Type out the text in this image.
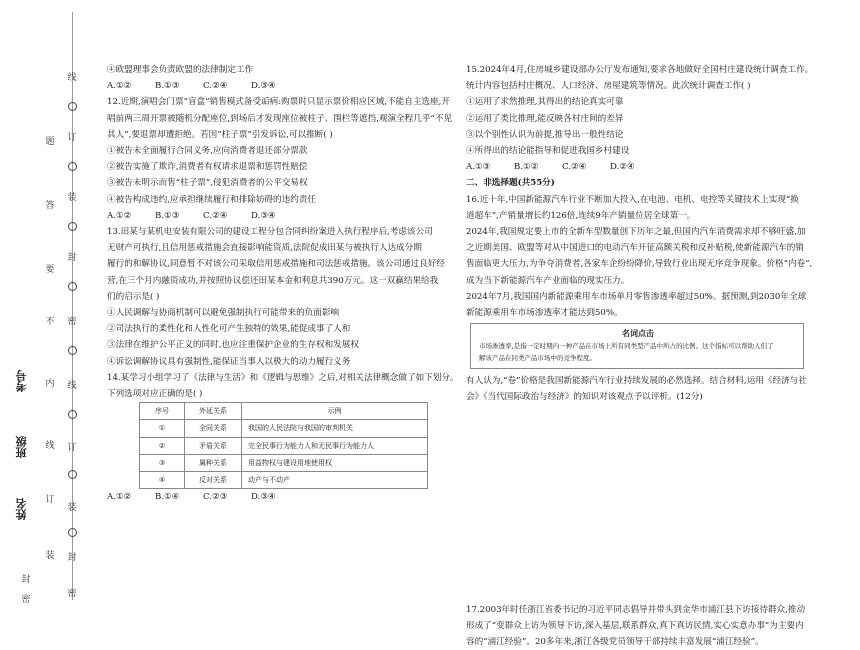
线
订
装
封
密
线
订
装
封
密
题
答
要
不
内
线
订
装
封
密
考号
班级
姓名

④欧盟理事会负责欧盟的法律制定工作

A.①②	B.①③	C.②④	D.③④

12.近期,演唱会门票“盲盒”销售模式备受诟病:购票时只显示票价相应区域,不能自主选座,开

唱前两三周开票被随机分配座位,到场后才发现座位被柱子、围栏等遮挡,观演全程几乎“不见

其人”,要退票却遭拒绝。若因“柱子票”引发诉讼,可以推断( )

①被告未全面履行合同义务,应向消费者退还部分票款

②被告实施了欺诈,消费者有权请求退票和惩罚性赔偿

③被告未明示而售“柱子票”,侵犯消费者的公平交易权

④被告构成违约,应承担继续履行和排除妨碍的违约责任

A.①②	B.①③	C.②④	D.③④

13.田某与某机电安装有限公司的建设工程分包合同纠纷案进入执行程序后,考虑该公司

无财产可执行,且信用惩戒措施会直接影响能资质,法院促成田某与被执行人达成分期

履行的和解协议,同意暂不对该公司采取信用惩戒措施和司法惩戒措施。该公司通过良好经

营,在三个月内融资成功,并按照协议偿还田某本金和利息共390万元。这一双赢结果给我

们的启示是( )

①人民调解与协商机制可以避免强制执行可能带来的负面影响

②司法执行的柔性化和人性化可产生独特的效果,能促成事了人和

③法律在维护公平正义的同时,也应注重保护企业的生存权和发展权

④诉讼调解协议具有强制性,能保证当事人以极大的动力履行义务

14.某学习小组学习了《法律与生活》和《逻辑与思维》之后,对相关法律概念做了如下划分。

下列选项对应正确的是( )

序号	外延关系	示例
①	全同关系	我国的人民法院与我国的审判机关
②	矛盾关系	完全民事行为能力人和无民事行为能力人
③	属种关系	用益物权与建设用地使用权
④	反对关系	动产与不动产

A.①②	B.①④	C.②③	D.③④

15.2024年4月,住房城乡建设部办公厅发布通知,要求各地做好全国村庄建设统计调查工作。

统计内容包括村庄概况、人口经济、房屋建筑等情况。此次统计调查工作( )

①运用了求然推理,其得出的结论真实可靠

②运用了类比推理,能反映各村庄间的差异

③以个别性认识为前提,推导出一般性结论

④所得出的结论能指导和促进我国乡村建设

A.①③	B.①②	C.②④	D.②④

二、非选择题(共55分)

16.近十年,中国新能源汽车行业不断加大投入,在电池、电机、电控等关键技术上实现“换

道超车”,产销量增长约126倍,连续9年产销量位居全球第一。

2024年,我国规定要上市的全新车型数量创下历年之最,但国内汽车消费需求却不够旺盛,加

之近期美国、欧盟等对从中国进口的电动汽车开征高额关税和反补贴税,使新能源汽车的销

售面临更大压力,为争夺消费者,各家车企纷纷降价,导致行业出现无序竞争现象。价格“内卷”,

成为当下新能源汽车产业面临的现实压力。

2024年7月,我国国内新能源乘用车市场单月零售渗透率超过50%。据预测,到2030年全球

新能源乘用车市场渗透率才能达到50%。

名词点击
市场渗透率,是指一定时期内一种产品在市场上所有同类型产品中所占的比例。这个指标可以帮助人们了
解该产品在同类产品市场中的竞争程度。

有人认为,“卷”价格是我国新能源汽车行业持续发展的必然选择。结合材料,运用《经济与社

会》《当代国际政治与经济》的知识对该观点予以评析。(12分)

17.2003年时任浙江省委书记的习近平同志倡导并带头到金华市浦江县下访接待群众,推动

形成了“变群众上访为领导下访,深入基层,联系群众,真下真访民情,实心实意办事”为主要内

容的“浦江经验”。20多年来,浙江各级党员领导干部持续丰富发展“浦江经验”。
